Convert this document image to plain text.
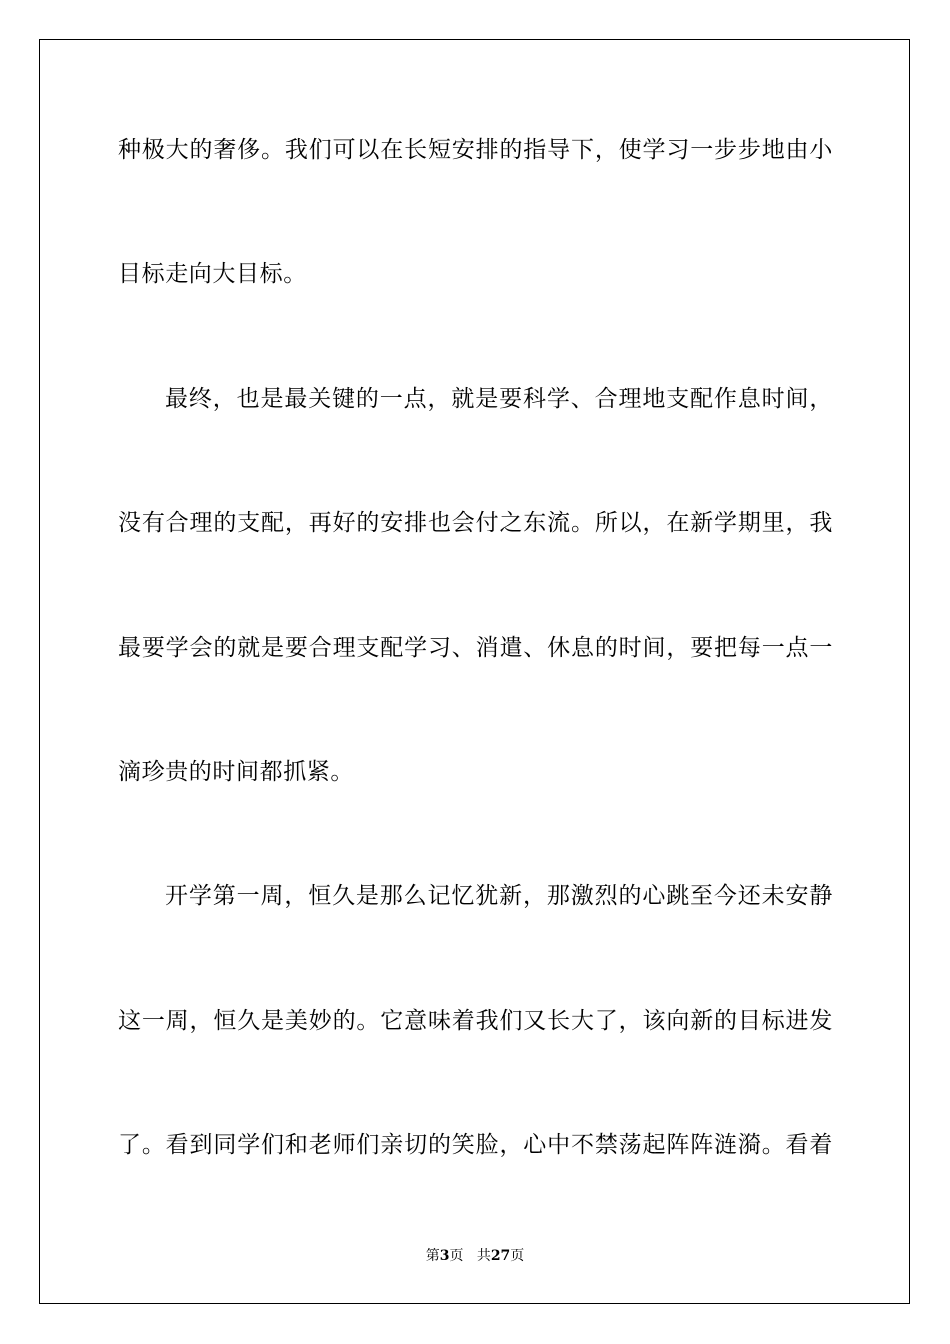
种极大的奢侈。我们可以在长短安排的指导下，使学习一步步地由小
目标走向大目标。
最终，也是最关键的一点，就是要科学、合理地支配作息时间，
没有合理的支配，再好的安排也会付之东流。所以，在新学期里，我
最要学会的就是要合理支配学习、消遣、休息的时间，要把每一点一
滴珍贵的时间都抓紧。
开学第一周，恒久是那么记忆犹新，那激烈的心跳至今还未安静
这一周，恒久是美妙的。它意味着我们又长大了，该向新的目标进发
了。看到同学们和老师们亲切的笑脸，心中不禁荡起阵阵涟漪。看着
第3页 共27页
